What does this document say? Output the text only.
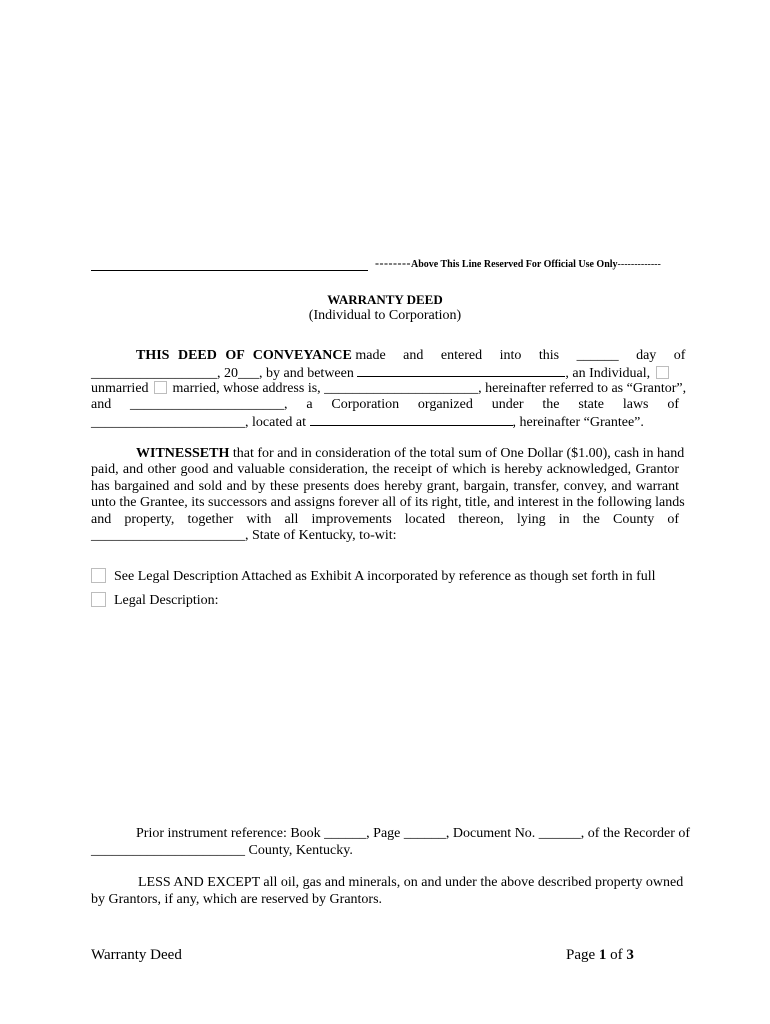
--------Above This Line Reserved For Official Use Only-------------
WARRANTY DEED
(Individual to Corporation)
THIS DEED OF CONVEYANCE made and entered into this ______ day of
__________________, 20___, by and between	, an Individual,
unmarried married, whose address is, ______________________, hereinafter referred to as “Grantor”,
and ______________________, a Corporation organized under the state laws of
______________________, located at	, hereinafter “Grantee”.
WITNESSETH that for and in consideration of the total sum of One Dollar ($1.00), cash in hand
paid, and other good and valuable consideration, the receipt of which is hereby acknowledged, Grantor
has bargained and sold and by these presents does hereby grant, bargain, transfer, convey, and warrant
unto the Grantee, its successors and assigns forever all of its right, title, and interest in the following lands
and property, together with all improvements located thereon, lying in the County of
______________________, State of Kentucky, to-wit:
See Legal Description Attached as Exhibit A incorporated by reference as though set forth in full
Legal Description:
Prior instrument reference: Book ______, Page ______, Document No. ______, of the Recorder of
______________________ County, Kentucky.
LESS AND EXCEPT all oil, gas and minerals, on and under the above described property owned
by Grantors, if any, which are reserved by Grantors.
Warranty Deed	Page 1 of 3
